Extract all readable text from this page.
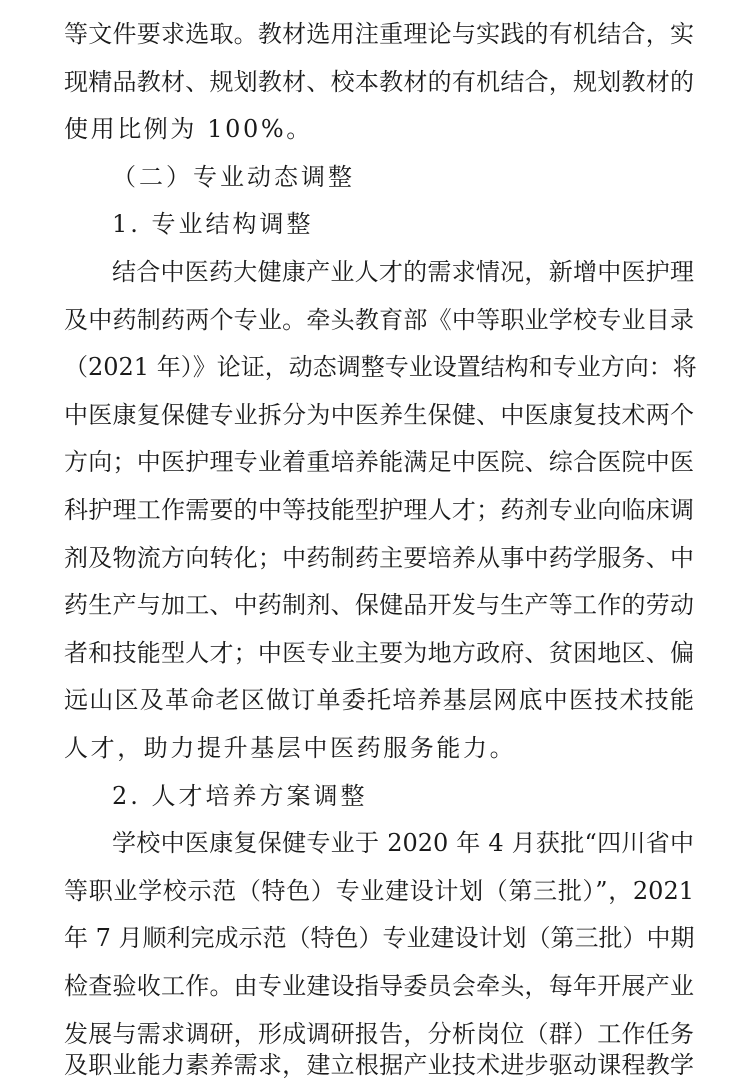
等文件要求选取。教材选用注重理论与实践的有机结合，实
现精品教材、规划教材、校本教材的有机结合，规划教材的
使用比例为 100%。
（二）专业动态调整
1. 专业结构调整
结合中医药大健康产业人才的需求情况，新增中医护理
及中药制药两个专业。牵头教育部《中等职业学校专业目录
（2021 年）》论证，动态调整专业设置结构和专业方向：将
中医康复保健专业拆分为中医养生保健、中医康复技术两个
方向；中医护理专业着重培养能满足中医院、综合医院中医
科护理工作需要的中等技能型护理人才；药剂专业向临床调
剂及物流方向转化；中药制药主要培养从事中药学服务、中
药生产与加工、中药制剂、保健品开发与生产等工作的劳动
者和技能型人才；中医专业主要为地方政府、贫困地区、偏
远山区及革命老区做订单委托培养基层网底中医技术技能
人才，助力提升基层中医药服务能力。
2. 人才培养方案调整
学校中医康复保健专业于 2020 年 4 月获批“四川省中
等职业学校示范（特色）专业建设计划（第三批）”，2021
年 7 月顺利完成示范（特色）专业建设计划（第三批）中期
检查验收工作。由专业建设指导委员会牵头，每年开展产业
发展与需求调研，形成调研报告，分析岗位（群）工作任务
及职业能力素养需求，建立根据产业技术进步驱动课程教学
